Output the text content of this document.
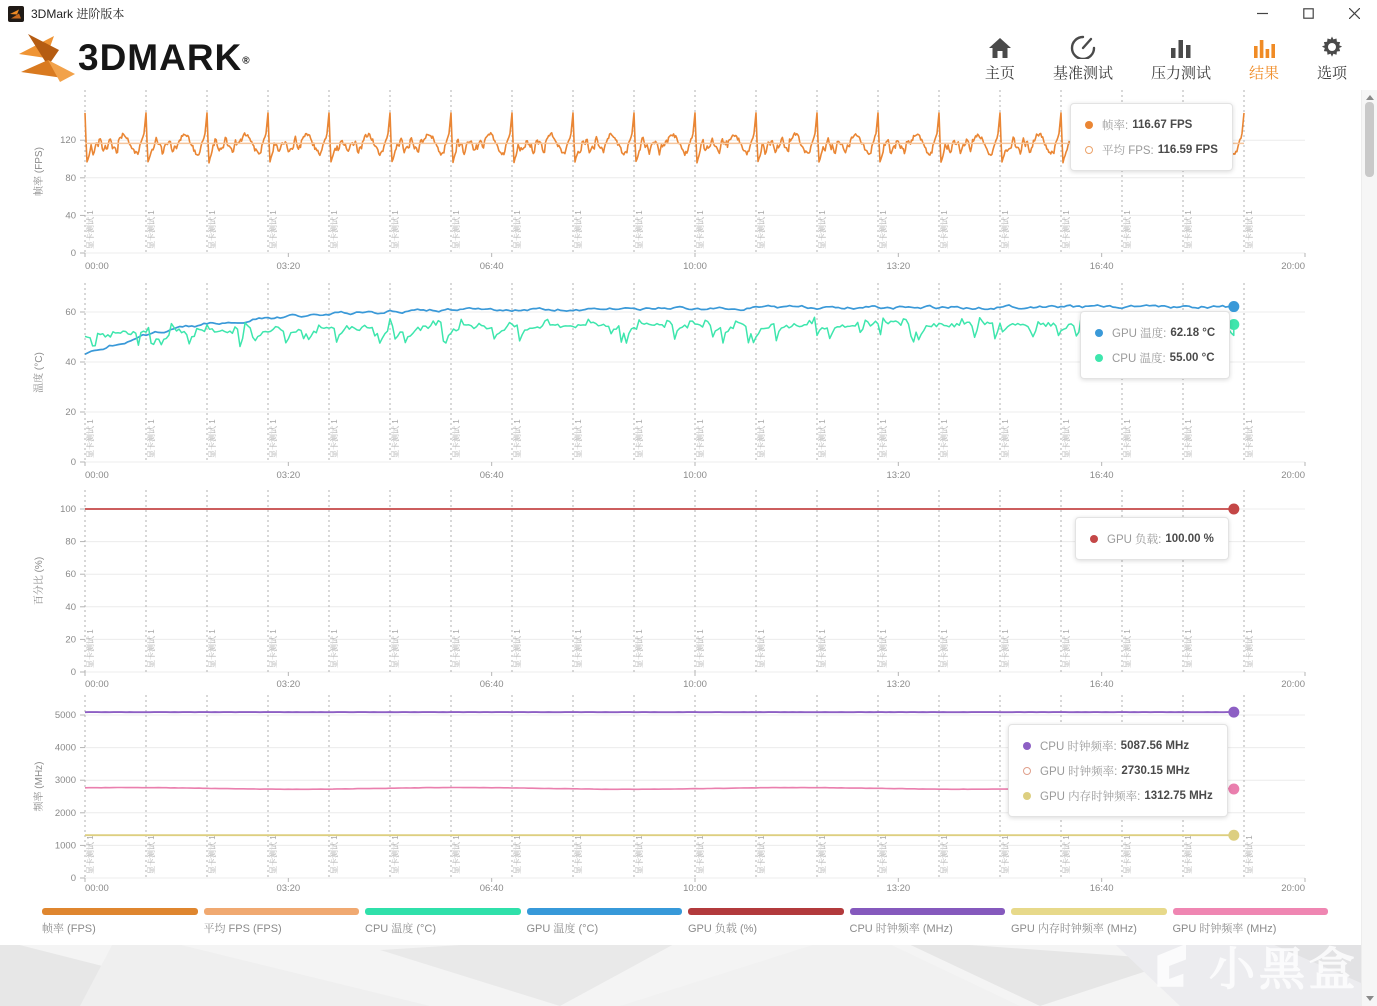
3DMark 进阶版本
3DMARK®
主页	基准测试	压力测试	结果	选项
0
40
80
120
帧率 (FPS)
显卡测试 1	显卡测试 1	显卡测试 1	显卡测试 1	显卡测试 1	显卡测试 1	显卡测试 1	显卡测试 1	显卡测试 1	显卡测试 1	显卡测试 1	显卡测试 1	显卡测试 1	显卡测试 1	显卡测试 1	显卡测试 1	显卡测试 1	显卡测试 1	显卡测试 1	显卡测试 1
00:00	03:20	06:40	10:00	13:20	16:40	20:00
0
20
40
60
温度 (°C)
显卡测试 1	显卡测试 1	显卡测试 1	显卡测试 1	显卡测试 1	显卡测试 1	显卡测试 1	显卡测试 1	显卡测试 1	显卡测试 1	显卡测试 1	显卡测试 1	显卡测试 1	显卡测试 1	显卡测试 1	显卡测试 1	显卡测试 1	显卡测试 1	显卡测试 1	显卡测试 1
00:00	03:20	06:40	10:00	13:20	16:40	20:00
0
20
40
60
80
100
百分比 (%)
显卡测试 1	显卡测试 1	显卡测试 1	显卡测试 1	显卡测试 1	显卡测试 1	显卡测试 1	显卡测试 1	显卡测试 1	显卡测试 1	显卡测试 1	显卡测试 1	显卡测试 1	显卡测试 1	显卡测试 1	显卡测试 1	显卡测试 1	显卡测试 1	显卡测试 1	显卡测试 1
00:00	03:20	06:40	10:00	13:20	16:40	20:00
0
1000
2000
3000
4000
5000
频率 (MHz)
显卡测试 1	显卡测试 1	显卡测试 1	显卡测试 1	显卡测试 1	显卡测试 1	显卡测试 1	显卡测试 1	显卡测试 1	显卡测试 1	显卡测试 1	显卡测试 1	显卡测试 1	显卡测试 1	显卡测试 1	显卡测试 1	显卡测试 1	显卡测试 1	显卡测试 1	显卡测试 1
00:00	03:20	06:40	10:00	13:20	16:40	20:00
帧率: 116.67 FPS
平均 FPS: 116.59 FPS
GPU 温度: 62.18 °C
CPU 温度: 55.00 °C
GPU 负载: 100.00 %
CPU 时钟频率: 5087.56 MHz
GPU 时钟频率: 2730.15 MHz
GPU 内存时钟频率: 1312.75 MHz
帧率 (FPS)	平均 FPS (FPS)	CPU 温度 (°C)	GPU 温度 (°C)	GPU 负载 (%)	CPU 时钟频率 (MHz)	GPU 内存时钟频率 (MHz)	GPU 时钟频率 (MHz)
小黑盒
